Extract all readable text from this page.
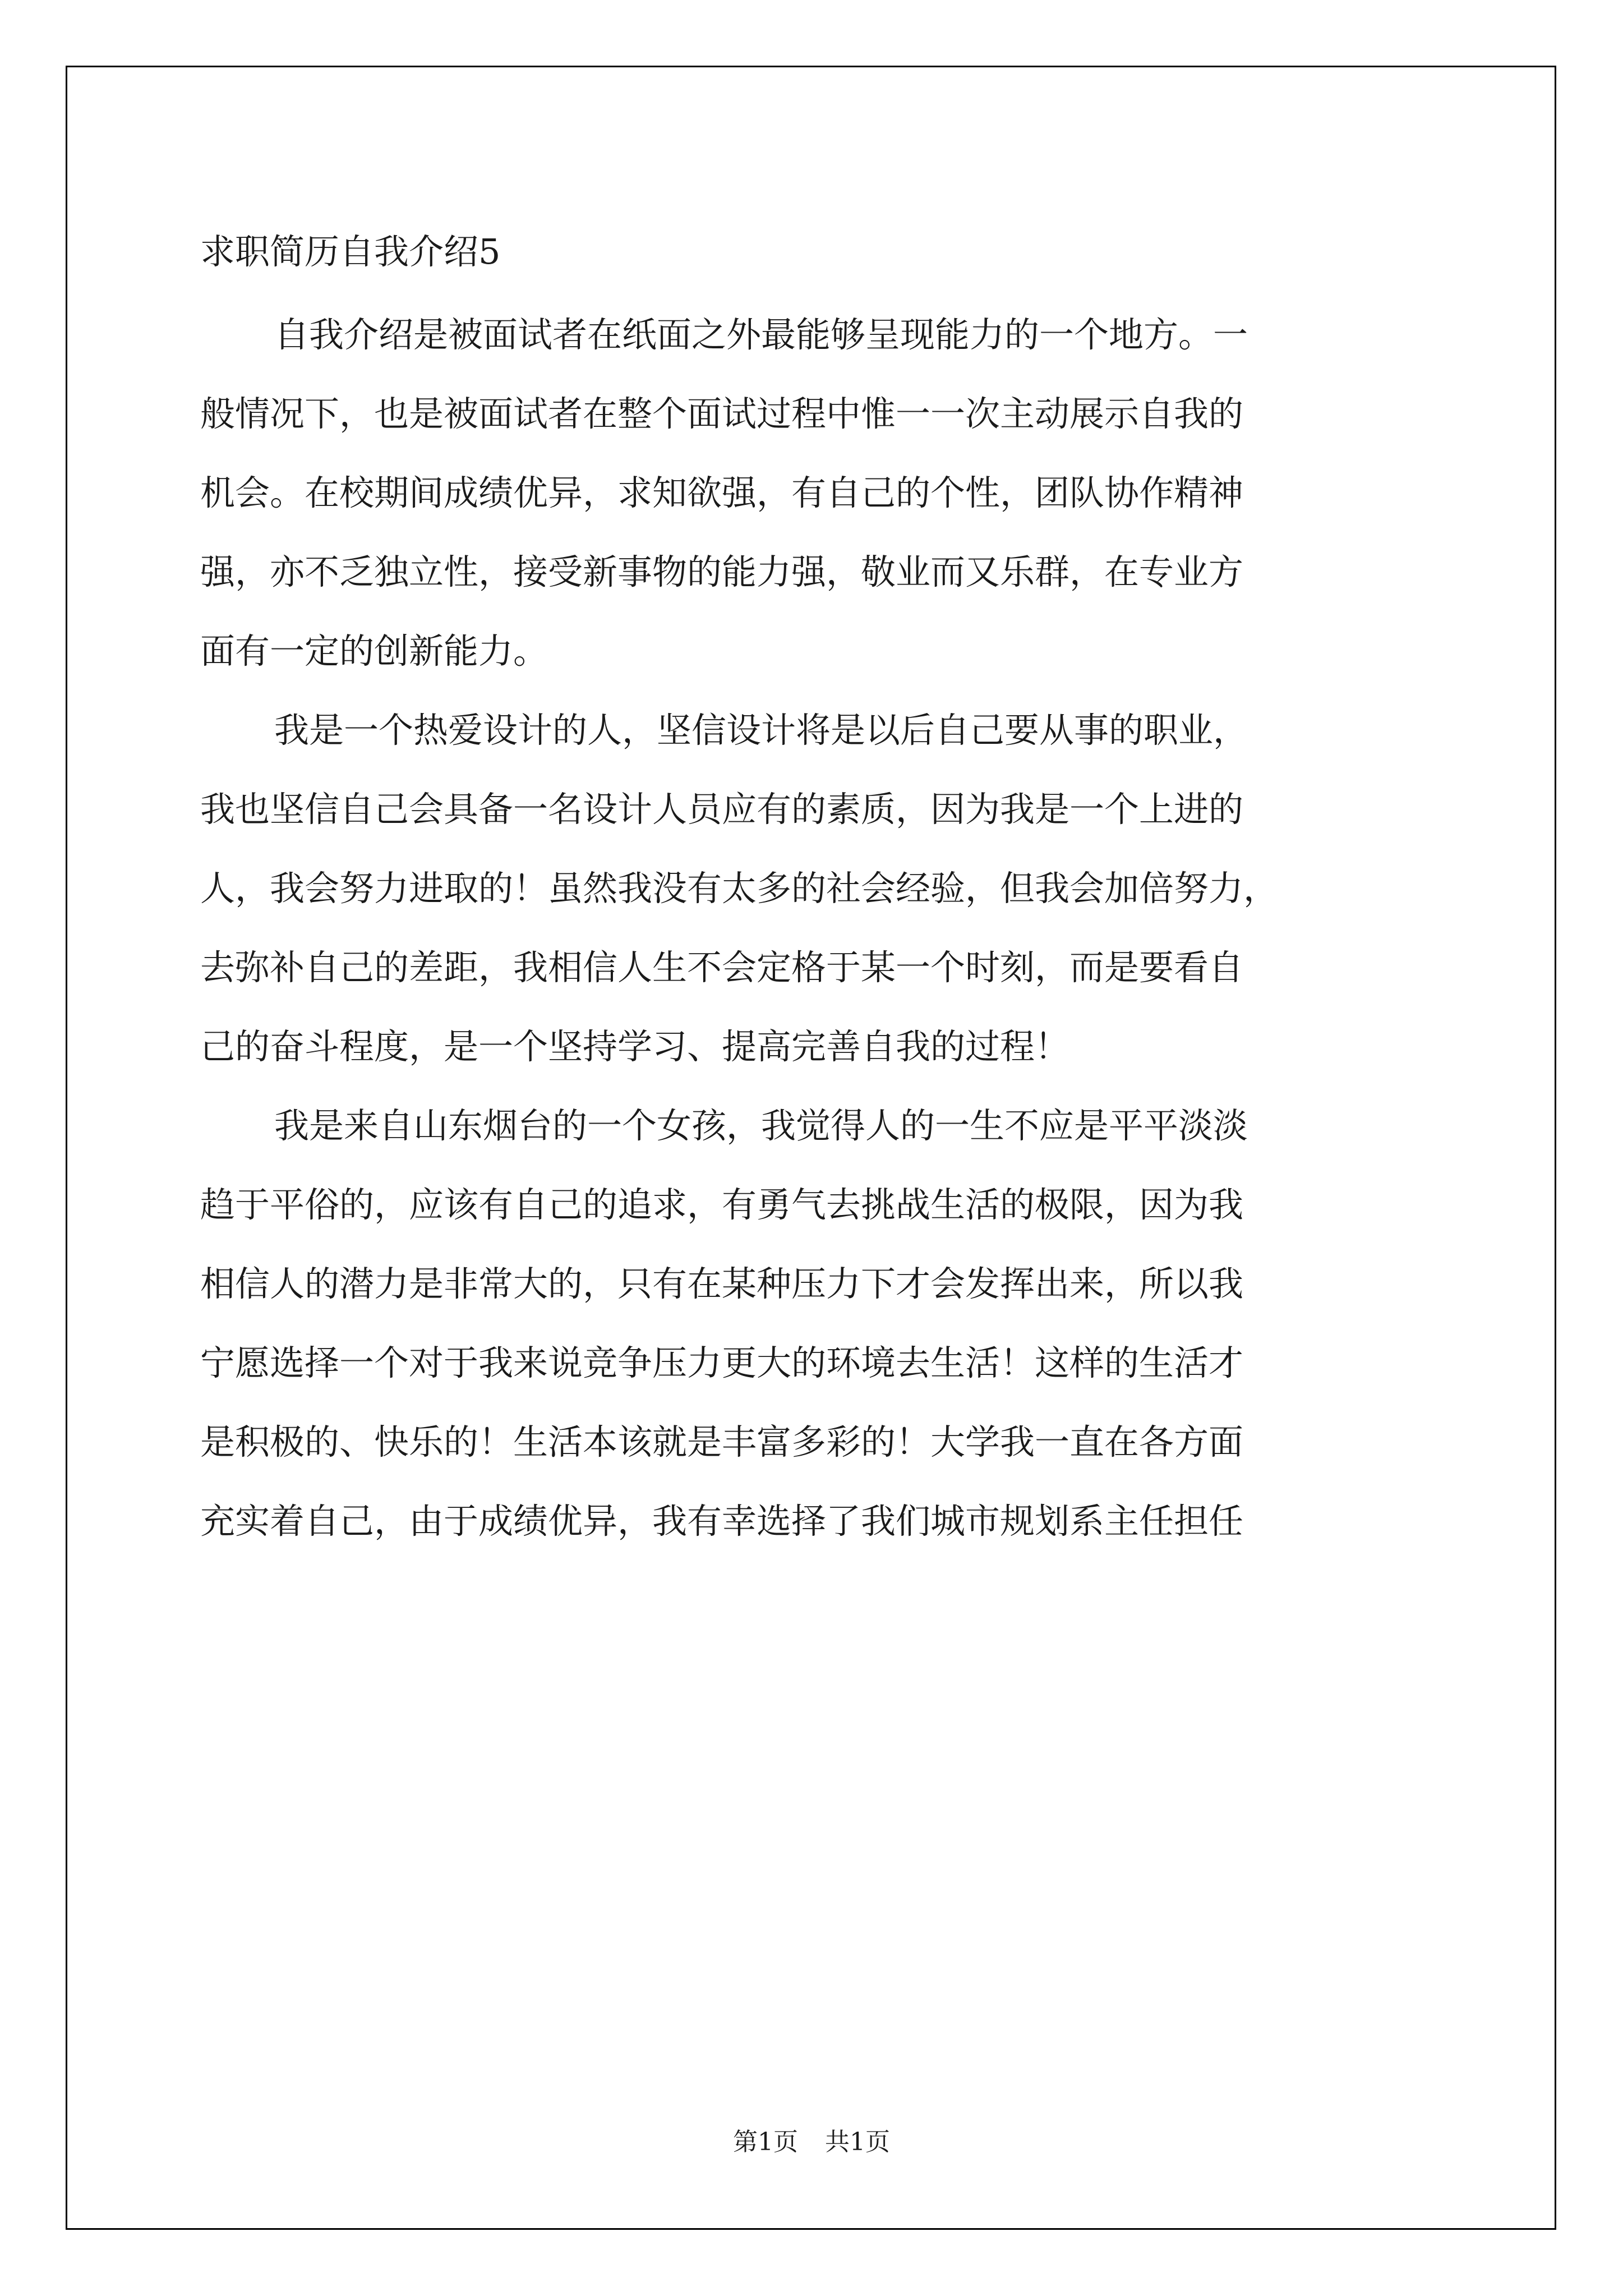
求职简历自我介绍5
自我介绍是被面试者在纸面之外最能够呈现能力的一个地方。一
般情况下，也是被面试者在整个面试过程中惟一一次主动展示自我的
机会。在校期间成绩优异，求知欲强，有自己的个性，团队协作精神
强，亦不乏独立性，接受新事物的能力强，敬业而又乐群，在专业方
面有一定的创新能力。
我是一个热爱设计的人，坚信设计将是以后自己要从事的职业，
我也坚信自己会具备一名设计人员应有的素质，因为我是一个上进的
人，我会努力进取的！虽然我没有太多的社会经验，但我会加倍努力，
去弥补自己的差距，我相信人生不会定格于某一个时刻，而是要看自
己的奋斗程度，是一个坚持学习、提高完善自我的过程！
我是来自山东烟台的一个女孩，我觉得人的一生不应是平平淡淡
趋于平俗的，应该有自己的追求，有勇气去挑战生活的极限，因为我
相信人的潜力是非常大的，只有在某种压力下才会发挥出来，所以我
宁愿选择一个对于我来说竞争压力更大的环境去生活！这样的生活才
是积极的、快乐的！生活本该就是丰富多彩的！大学我一直在各方面
充实着自己，由于成绩优异，我有幸选择了我们城市规划系主任担任
第1页 共1页
